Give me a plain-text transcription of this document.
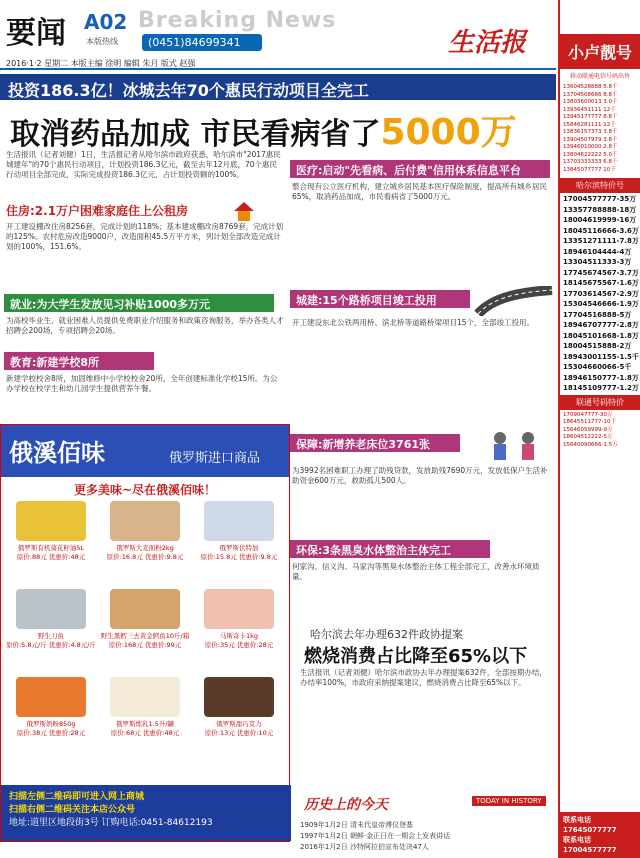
要闻 A02 Breaking News
本版热线	(0451)84699341	生活报
2016·1·2 星期二 本版主编 徐明 编辑 朱月 版式 赵强
投资186.3亿！冰城去年70个惠民行动项目全完工
取消药品加成 市民看病省了5000万
生活报讯（记者刘健）1日，生活报记者从哈尔滨市政府获悉，哈尔滨市"2017惠民城建年"的70个惠民行动项目，计划投资186.3亿元，截至去年12月底，70个惠民行动项目全部完成，实际完成投资186.3亿元，占计划投资额的100%。
住房:2.1万户困难家庭住上公租房
开工建设棚改住房8256套，完成计划的118%；基本建成棚改房8769套，完成计划的125%。农村危房改造9000户，改造面积45.5万平方米，列计划全部改造完成计划的100%，151.6%。
就业:为大学生发放见习补贴1000多万元
为高校毕业生、就业困难人员提供免费职业介绍服务和政策咨询服务，举办各类人才招聘会200场，专项招聘会20场。
教育:新建学校8所
新建学校校舍8所，加固维修中小学校校舍20所，全年创建标准化学校15所。为公办学校在校学生和幼儿园学生提供营养午餐。
医疗:启动"先看病、后付费"信用体系信息平台
整合现有公立医疗机构，建立城乡居民基本医疗保险制度，提高所有城乡居民65%，取消药品加成，市民看病省了5000万元。
城建:15个路桥项目竣工投用
开工建设东北公铁两用桥、滨北桥等道路桥梁项目15个，全部竣工投用。
保障:新增养老床位3761张
为3992名困难职工办理了助残贷款，发放助残7690万元，发放低保户生活补助资金600万元，救助孤儿500人。
环保:3条黑臭水体整治主体完工
何家沟、信义沟、马家沟等黑臭水体整治主体工程全部完工，改善水环境质量。
哈尔滨去年办理632件政协提案
燃烧消费占比降至65%以下
生活报讯（记者刘健）哈尔滨市政协去年办理提案632件，全部按期办结，办结率100%，市政府采纳提案建议，燃烧消费占比降至65%以下。
俄溪佰味	俄罗斯进口商品
更多美味~尽在俄溪佰味！
俄罗斯有机葵花籽油5L
原价:88元 优惠价:48元
俄罗斯大麦面粉2kg
原价:16.8元 优惠价:9.8元
俄罗斯伏特加
原价:15.8元 优惠价:9.8元
野生刀鱼
原价:5.8元/斤 优惠价:4.8元/斤
野生黑鳕三去黄金鳕鱼10斤/箱
原价:168元 优惠价:99元
马斯奇卡1kg
原价:35元 优惠价:28元
俄罗斯奶粉850g
原价:38元 优惠价:28元
俄罗斯炼乳1.5升/罐
原价:68元 优惠价:48元
俄罗斯甜巧克力
原价:13元 优惠价:10元
扫描左侧二维码即可进入网上商城
扫描右侧二维码关注本店公众号
地址:道里区地段街3号 订购电话:0451-84612193
历史上的今天	TODAY IN HISTORY
1909年1月2日 清末代皇帝溥仪登基
1997年1月2日 朝鲜·金正日在一期会上发表讲话
2016年1月2日 沙特阿拉伯宣布处决47人
小卢靓号
移动联通电信号码出售
13604528888 5.8千
13704508666 8.8千
13803600013 3.0千
13936451111 12千
13945177777 8.8千
15846281111 12千
13836157373 3.8千
13904507979 3.8千
13946010000 2.8千
13804622222 5.0千
13703333333 6.8千
13845077777 10千
哈尔滨特价号
17004577777-35万
13357788888-18万
18004619999-16万
18045116666-3.6万
13351271111-7.8万
18946104444-4万
13304511333-3万
17745674567-3.7万
18145675567-1.6万
17703614567-2.9万
15304546666-1.9万
17704516888-5万
18946707777-2.8万
18045101668-1.8万
18004515888-2万
18943001155-1.5千
15304660066-5千
18946150777-1.8万
18145109777-1.2万
联通号码特价
1709047777-30万
18645511777-10千
15646059999-9万
18604512222-5万
15640090666-1.5万
联系电话17645077777
联系电话17004577777
